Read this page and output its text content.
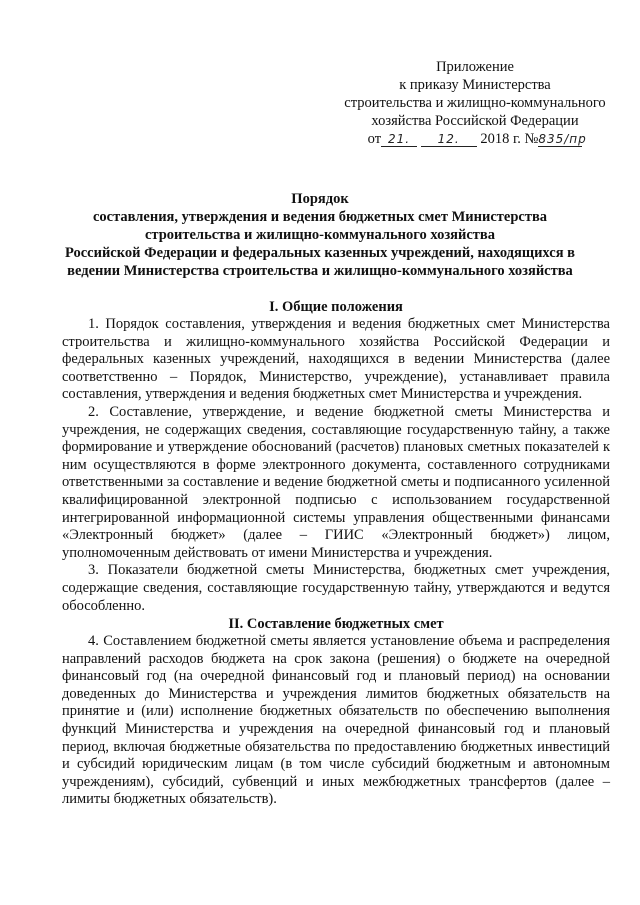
Приложение
к приказу Министерства
строительства и жилищно-коммунального
хозяйства Российской Федерации
от 21. 12. 2018 г. №835/пр
Порядок
составления, утверждения и ведения бюджетных смет Министерства
строительства и жилищно-коммунального хозяйства
Российской Федерации и федеральных казенных учреждений, находящихся в
ведении Министерства строительства и жилищно-коммунального хозяйства
I. Общие положения

1. Порядок составления, утверждения и ведения бюджетных смет Министерства строительства и жилищно-коммунального хозяйства Российской Федерации и федеральных казенных учреждений, находящихся в ведении Министерства (далее соответственно – Порядок, Министерство, учреждение), устанавливает правила составления, утверждения и ведения бюджетных смет Министерства и учреждения.

2. Составление, утверждение, и ведение бюджетной сметы Министерства и учреждения, не содержащих сведения, составляющие государственную тайну, а также формирование и утверждение обоснований (расчетов) плановых сметных показателей к ним осуществляются в форме электронного документа, составленного сотрудниками ответственными за составление и ведение бюджетной сметы и подписанного усиленной квалифицированной электронной подписью с использованием государственной интегрированной информационной системы управления общественными финансами «Электронный бюджет» (далее – ГИИС «Электронный бюджет») лицом, уполномоченным действовать от имени Министерства и учреждения.

3. Показатели бюджетной сметы Министерства, бюджетных смет учреждения, содержащие сведения, составляющие государственную тайну, утверждаются и ведутся обособленно.

II. Составление бюджетных смет

4. Составлением бюджетной сметы является установление объема и распределения направлений расходов бюджета на срок закона (решения) о бюджете на очередной финансовый год (на очередной финансовый год и плановый период) на основании доведенных до Министерства и учреждения лимитов бюджетных обязательств на принятие и (или) исполнение бюджетных обязательств по обеспечению выполнения функций Министерства и учреждения на очередной финансовый год и плановый период, включая бюджетные обязательства по предоставлению бюджетных инвестиций и субсидий юридическим лицам (в том числе субсидий бюджетным и автономным учреждениям), субсидий, субвенций и иных межбюджетных трансфертов (далее – лимиты бюджетных обязательств).
